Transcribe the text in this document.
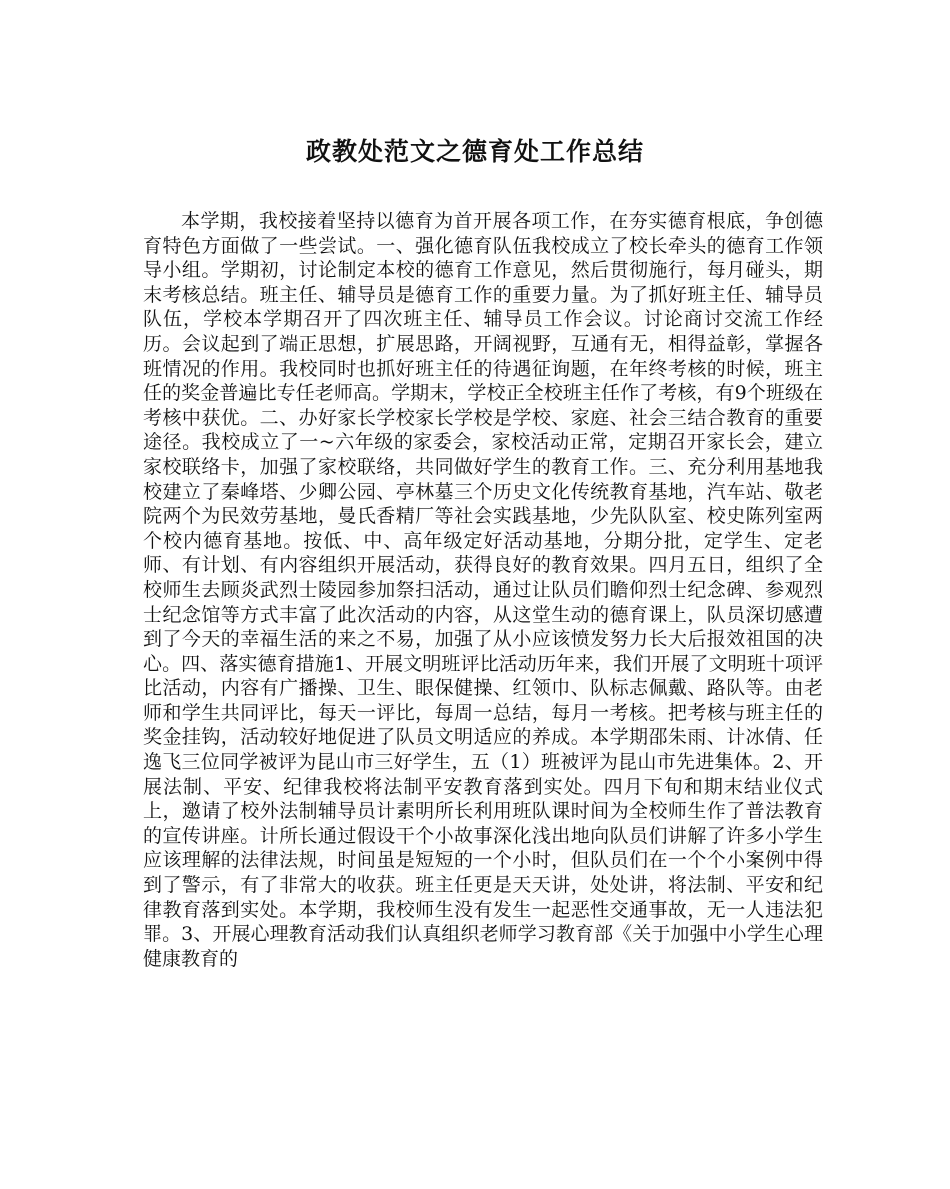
政教处范文之德育处工作总结

本学期，我校接着坚持以德育为首开展各项工作，在夯实德育根底，争创德育特色方面做了一些尝试。一、强化德育队伍我校成立了校长牵头的德育工作领导小组。学期初，讨论制定本校的德育工作意见，然后贯彻施行，每月碰头，期末考核总结。班主任、辅导员是德育工作的重要力量。为了抓好班主任、辅导员队伍，学校本学期召开了四次班主任、辅导员工作会议。讨论商讨交流工作经历。会议起到了端正思想，扩展思路，开阔视野，互通有无，相得益彰，掌握各班情况的作用。我校同时也抓好班主任的待遇征询题，在年终考核的时候，班主任的奖金普遍比专任老师高。学期末，学校正全校班主任作了考核，有9个班级在考核中获优。二、办好家长学校家长学校是学校、家庭、社会三结合教育的重要途径。我校成立了一~六年级的家委会，家校活动正常，定期召开家长会，建立家校联络卡，加强了家校联络，共同做好学生的教育工作。三、充分利用基地我校建立了秦峰塔、少卿公园、亭林墓三个历史文化传统教育基地，汽车站、敬老院两个为民效劳基地，曼氏香精厂等社会实践基地，少先队队室、校史陈列室两个校内德育基地。按低、中、高年级定好活动基地，分期分批，定学生、定老师、有计划、有内容组织开展活动，获得良好的教育效果。四月五日，组织了全校师生去顾炎武烈士陵园参加祭扫活动，通过让队员们瞻仰烈士纪念碑、参观烈士纪念馆等方式丰富了此次活动的内容，从这堂生动的德育课上，队员深切感遭到了今天的幸福生活的来之不易，加强了从小应该愤发努力长大后报效祖国的决心。四、落实德育措施1、开展文明班评比活动历年来，我们开展了文明班十项评比活动，内容有广播操、卫生、眼保健操、红领巾、队标志佩戴、路队等。由老师和学生共同评比，每天一评比，每周一总结，每月一考核。把考核与班主任的奖金挂钩，活动较好地促进了队员文明适应的养成。本学期邵朱雨、计冰倩、任逸飞三位同学被评为昆山市三好学生，五（1）班被评为昆山市先进集体。2、开展法制、平安、纪律我校将法制平安教育落到实处。四月下旬和期末结业仪式上，邀请了校外法制辅导员计素明所长利用班队课时间为全校师生作了普法教育的宣传讲座。计所长通过假设干个小故事深化浅出地向队员们讲解了许多小学生应该理解的法律法规，时间虽是短短的一个小时，但队员们在一个个小案例中得到了警示，有了非常大的收获。班主任更是天天讲，处处讲，将法制、平安和纪律教育落到实处。本学期，我校师生没有发生一起恶性交通事故，无一人违法犯罪。3、开展心理教育活动我们认真组织老师学习教育部《关于加强中小学生心理健康教育的
